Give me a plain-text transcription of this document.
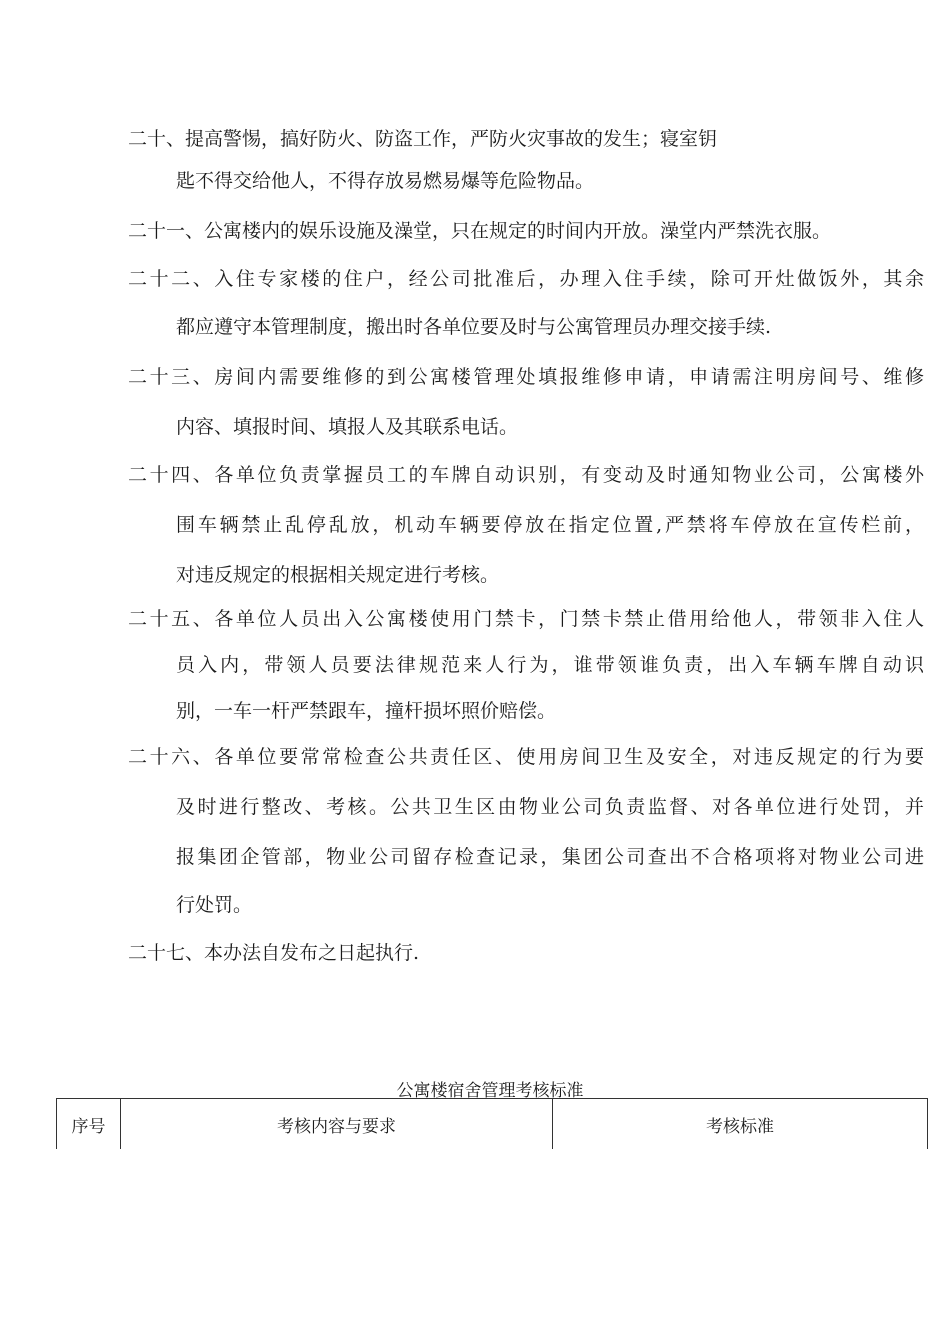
二十、提高警惕，搞好防火、防盗工作，严防火灾事故的发生；寝室钥
匙不得交给他人，不得存放易燃易爆等危险物品。
二十一、公寓楼内的娱乐设施及澡堂，只在规定的时间内开放。澡堂内严禁洗衣服。
二十二、入住专家楼的住户，经公司批准后，办理入住手续，除可开灶做饭外，其余
都应遵守本管理制度，搬出时各单位要及时与公寓管理员办理交接手续.
二十三、房间内需要维修的到公寓楼管理处填报维修申请，申请需注明房间号、维修
内容、填报时间、填报人及其联系电话。
二十四、各单位负责掌握员工的车牌自动识别，有变动及时通知物业公司，公寓楼外
围车辆禁止乱停乱放，机动车辆要停放在指定位置,严禁将车停放在宣传栏前，
对违反规定的根据相关规定进行考核。
二十五、各单位人员出入公寓楼使用门禁卡，门禁卡禁止借用给他人，带领非入住人
员入内，带领人员要法律规范来人行为，谁带领谁负责，出入车辆车牌自动识
别，一车一杆严禁跟车，撞杆损坏照价赔偿。
二十六、各单位要常常检查公共责任区、使用房间卫生及安全，对违反规定的行为要
及时进行整改、考核。公共卫生区由物业公司负责监督、对各单位进行处罚，并
报集团企管部，物业公司留存检查记录，集团公司查出不合格项将对物业公司进
行处罚。
二十七、本办法自发布之日起执行.
公寓楼宿舍管理考核标准
序号	考核内容与要求	考核标准
